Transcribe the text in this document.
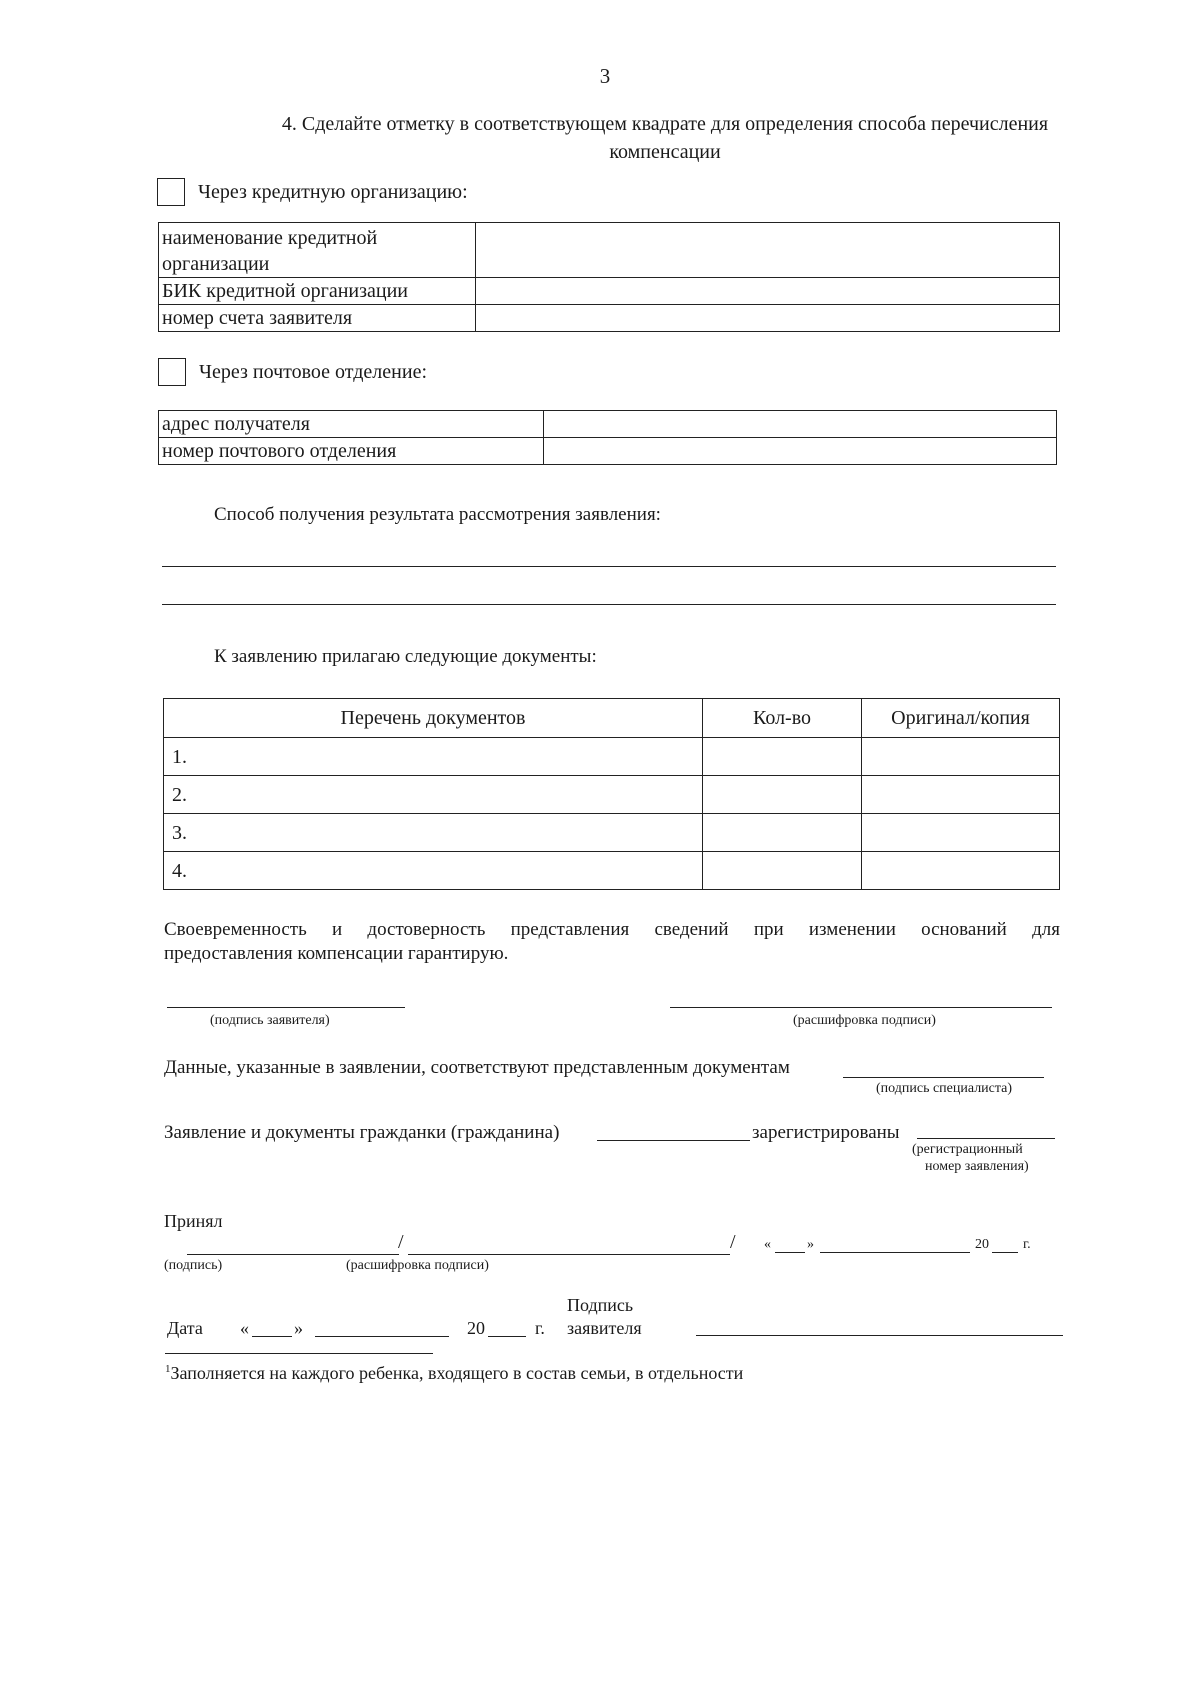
3
4. Сделайте отметку в соответствующем квадрате для определения способа перечисления
компенсации
Через кредитную организацию:
наименование кредитной
организации	

БИК кредитной организации	
номер счета заявителя	
Через почтовое отделение:
адрес получателя	
номер почтового отделения	
Способ получения результата рассмотрения заявления:
К заявлению прилагаю следующие документы:
Перечень документов	Кол-во	Оригинал/копия
1.		
2.		
3.		
4.		
Своевременность и достоверность представления сведений при изменении оснований для
предоставления компенсации гарантирую.
(подпись заявителя)	(расшифровка подписи)
Данные, указанные в заявлении, соответствуют представленным документам
(подпись специалиста)
Заявление и документы гражданки (гражданина)	зарегистрированы
(регистрационный
номер заявления)
Принял
/	/ «	»	20 г.
(подпись)	(расшифровка подписи)
Дата «	»	20	г.
Подпись
заявителя
$^1$Заполняется на каждого ребенка, входящего в состав семьи, в отдельности
